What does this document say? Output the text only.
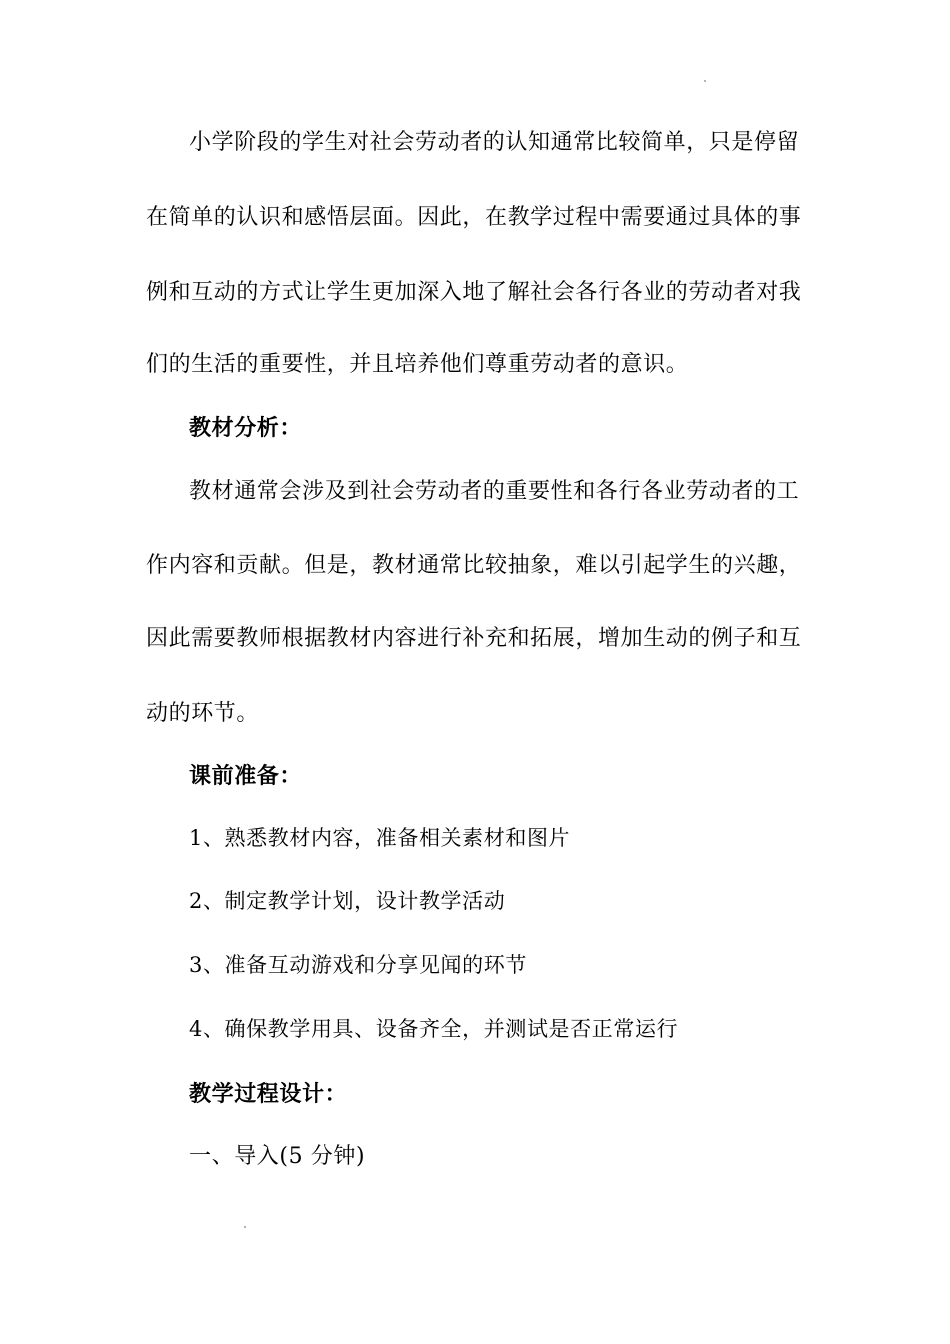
小学阶段的学生对社会劳动者的认知通常比较简单，只是停留
在简单的认识和感悟层面。因此，在教学过程中需要通过具体的事
例和互动的方式让学生更加深入地了解社会各行各业的劳动者对我
们的生活的重要性，并且培养他们尊重劳动者的意识。
教材分析：
教材通常会涉及到社会劳动者的重要性和各行各业劳动者的工
作内容和贡献。但是，教材通常比较抽象，难以引起学生的兴趣，
因此需要教师根据教材内容进行补充和拓展，增加生动的例子和互
动的环节。
课前准备：
1、熟悉教材内容，准备相关素材和图片
2、制定教学计划，设计教学活动
3、准备互动游戏和分享见闻的环节
4、确保教学用具、设备齐全，并测试是否正常运行
教学过程设计：
一、导入(5 分钟)
